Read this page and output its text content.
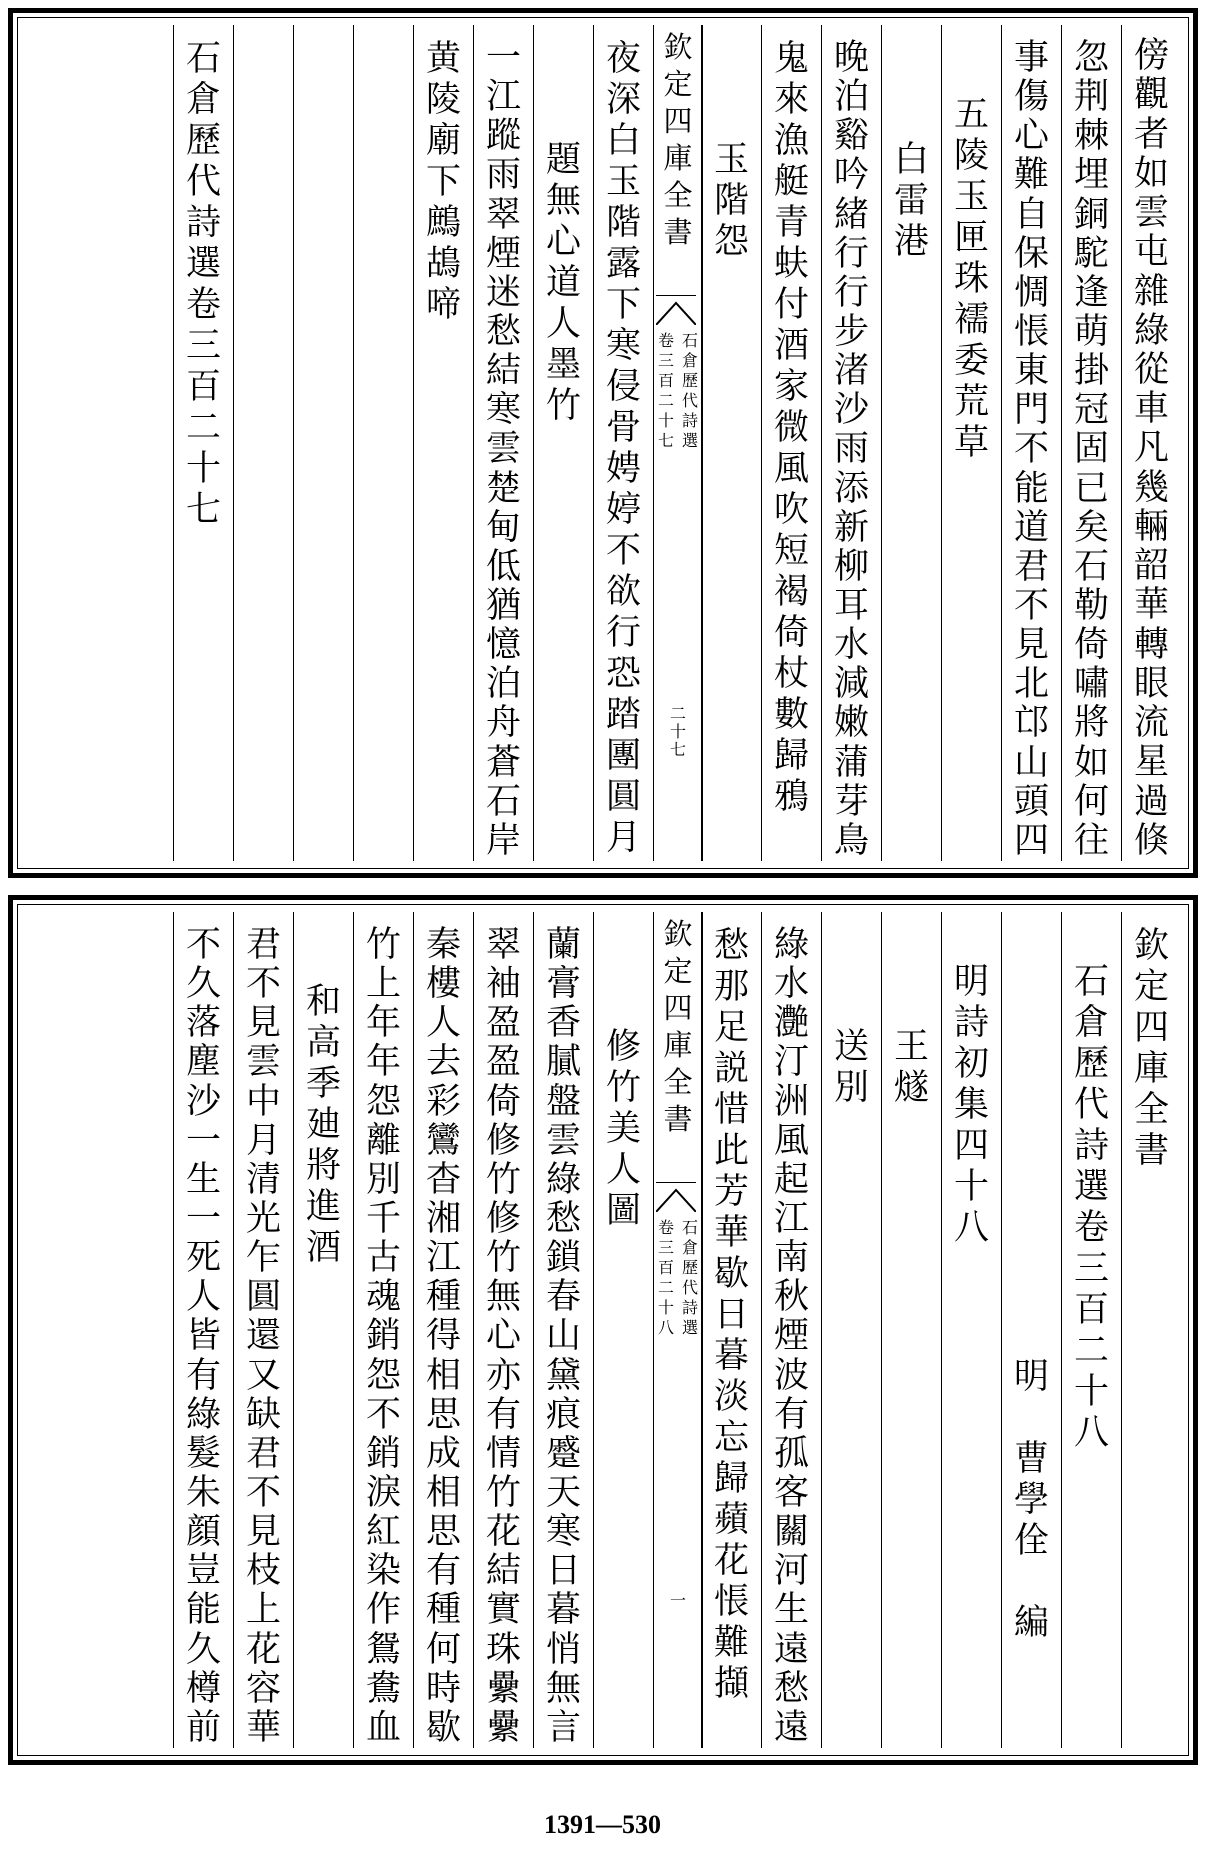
欽
定
四
庫
全
書
石
倉
歷
代
詩
選
卷
三
百
二
十
七
二
十
七
傍
觀
者
如
雲
屯
雜
綠
從
車
凡
幾
輛
韶
華
轉
眼
流
星
過
倏
忽
荆
棘
埋
銅
駝
逢
萌
掛
冠
固
已
矣
石
勒
倚
嘯
將
如
何
往
事
傷
心
難
自
保
惆
悵
東
門
不
能
道
君
不
見
北
邙
山
頭
四
五
陵
玉
匣
珠
襦
委
荒
草
白
雷
港
晚
泊
谿
吟
緒
行
行
步
渚
沙
雨
添
新
柳
耳
水
減
嫩
蒲
芽
鳥
鬼
來
漁
艇
青
蚨
付
酒
家
微
風
吹
短
褐
倚
杖
數
歸
鴉
玉
階
怨
夜
深
白
玉
階
露
下
寒
侵
骨
娉
婷
不
欲
行
恐
踏
團
圓
月
題
無
心
道
人
墨
竹
一
江
蹤
雨
翠
煙
迷
愁
結
寒
雲
楚
甸
低
猶
憶
泊
舟
蒼
石
岸
黄
陵
廟
下
鷓
鴣
啼
石
倉
歷
代
詩
選
卷
三
百
二
十
七
欽
定
四
庫
全
書
石
倉
歷
代
詩
選
卷
三
百
二
十
八
一
欽
定
四
庫
全
書
石
倉
歷
代
詩
選
卷
三
百
二
十
八
明

曹
學
佺

編
明
詩
初
集
四
十
八
王
燧
送
別
綠
水
灔
汀
洲
風
起
江
南
秋
煙
波
有
孤
客
關
河
生
遠
愁
遠
愁
那
足
説
惜
此
芳
華
歇
日
暮
淡
忘
歸
蘋
花
悵
難
擷
修
竹
美
人
圖
蘭
膏
香
膩
盤
雲
綠
愁
鎖
春
山
黛
痕
蹙
天
寒
日
暮
悄
無
言
翠
袖
盈
盈
倚
修
竹
修
竹
無
心
亦
有
情
竹
花
結
實
珠
纍
纍
秦
樓
人
去
彩
鸞
杳
湘
江
種
得
相
思
成
相
思
有
種
何
時
歇
竹
上
年
年
怨
離
別
千
古
魂
銷
怨
不
銷
淚
紅
染
作
鴛
鴦
血
和
高
季
廸
將
進
酒
君
不
見
雲
中
月
清
光
乍
圓
還
又
缺
君
不
見
枝
上
花
容
華
不
久
落
塵
沙
一
生
一
死
人
皆
有
綠
髮
朱
顔
豈
能
久
樽
前
1391—530
